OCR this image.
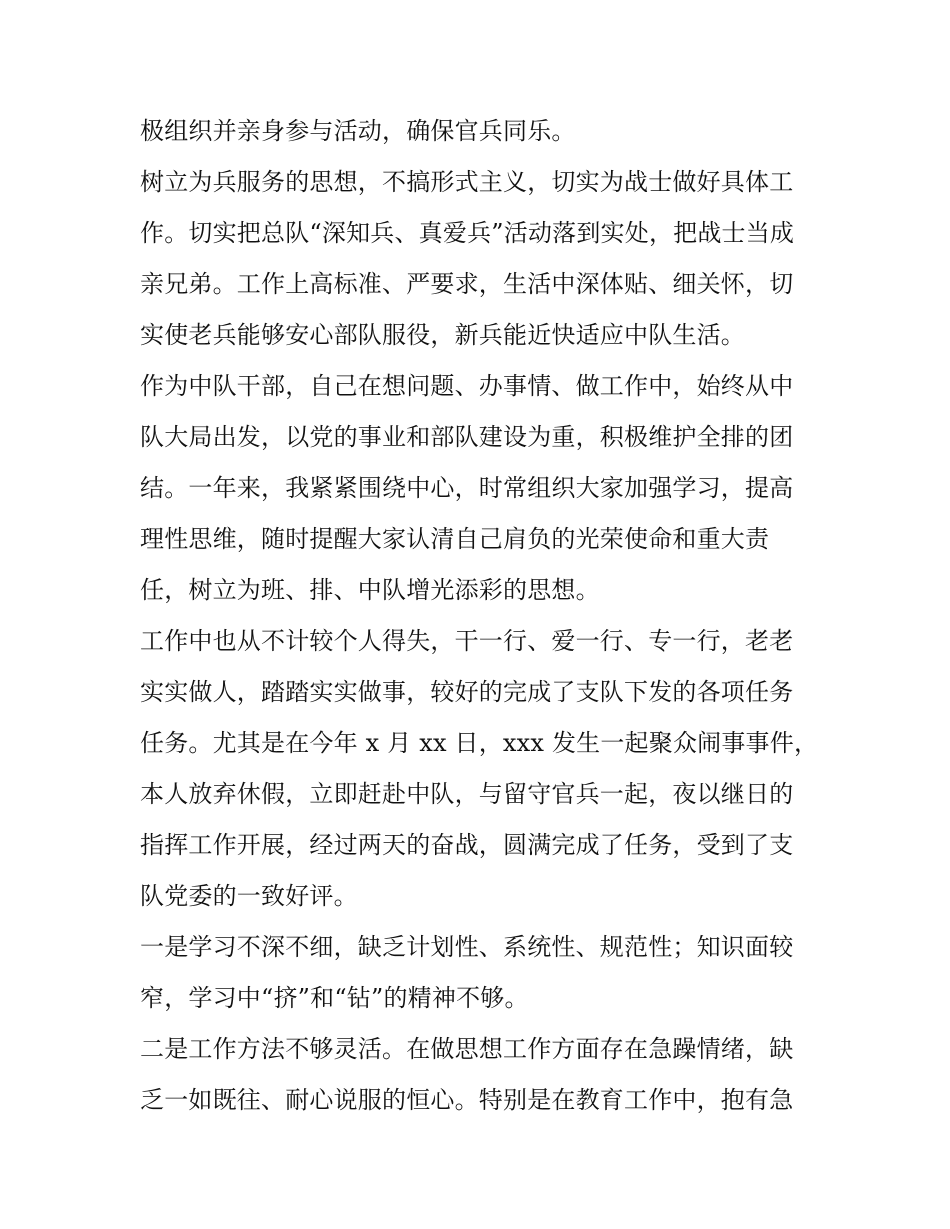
极组织并亲身参与活动，确保官兵同乐。
树立为兵服务的思想，不搞形式主义，切实为战士做好具体工
作。切实把总队“深知兵、真爱兵”活动落到实处，把战士当成
亲兄弟。工作上高标准、严要求，生活中深体贴、细关怀，切
实使老兵能够安心部队服役，新兵能近快适应中队生活。
作为中队干部，自己在想问题、办事情、做工作中，始终从中
队大局出发，以党的事业和部队建设为重，积极维护全排的团
结。一年来，我紧紧围绕中心，时常组织大家加强学习，提高
理性思维，随时提醒大家认清自己肩负的光荣使命和重大责
任，树立为班、排、中队增光添彩的思想。
工作中也从不计较个人得失，干一行、爱一行、专一行，老老
实实做人，踏踏实实做事，较好的完成了支队下发的各项任务
任务。尤其是在今年 x 月 xx 日，xxx 发生一起聚众闹事事件，
本人放弃休假，立即赶赴中队，与留守官兵一起，夜以继日的
指挥工作开展，经过两天的奋战，圆满完成了任务，受到了支
队党委的一致好评。
一是学习不深不细，缺乏计划性、系统性、规范性；知识面较
窄，学习中“挤”和“钻”的精神不够。
二是工作方法不够灵活。在做思想工作方面存在急躁情绪，缺
乏一如既往、耐心说服的恒心。特别是在教育工作中，抱有急
